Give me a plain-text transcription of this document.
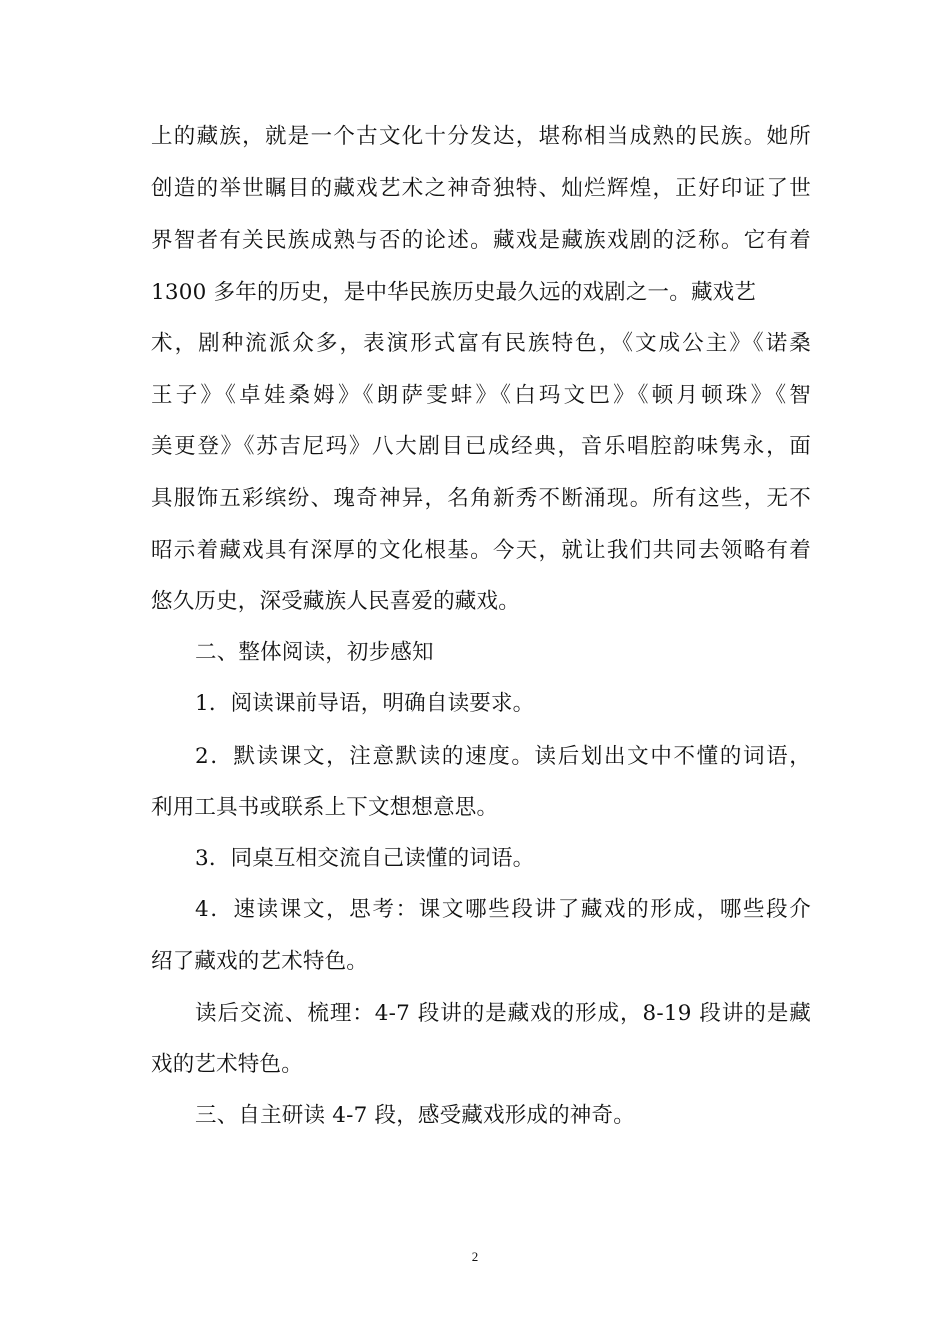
上的藏族，就是一个古文化十分发达，堪称相当成熟的民族。她所
创造的举世瞩目的藏戏艺术之神奇独特、灿烂辉煌，正好印证了世
界智者有关民族成熟与否的论述。藏戏是藏族戏剧的泛称。它有着
1300 多年的历史，是中华民族历史最久远的戏剧之一。藏戏艺
术，剧种流派众多，表演形式富有民族特色，《文成公主》《诺桑
王子》《卓娃桑姆》《朗萨雯蚌》《白玛文巴》《顿月顿珠》《智
美更登》《苏吉尼玛》八大剧目已成经典，音乐唱腔韵味隽永，面
具服饰五彩缤纷、瑰奇神异，名角新秀不断涌现。所有这些，无不
昭示着藏戏具有深厚的文化根基。今天，就让我们共同去领略有着
悠久历史，深受藏族人民喜爱的藏戏。
二、整体阅读，初步感知
1．阅读课前导语，明确自读要求。
2．默读课文，注意默读的速度。读后划出文中不懂的词语，
利用工具书或联系上下文想想意思。
3．同桌互相交流自己读懂的词语。
4．速读课文，思考：课文哪些段讲了藏戏的形成，哪些段介
绍了藏戏的艺术特色。
读后交流、梳理：4-7 段讲的是藏戏的形成，8-19 段讲的是藏
戏的艺术特色。
三、自主研读 4-7 段，感受藏戏形成的神奇。
2
